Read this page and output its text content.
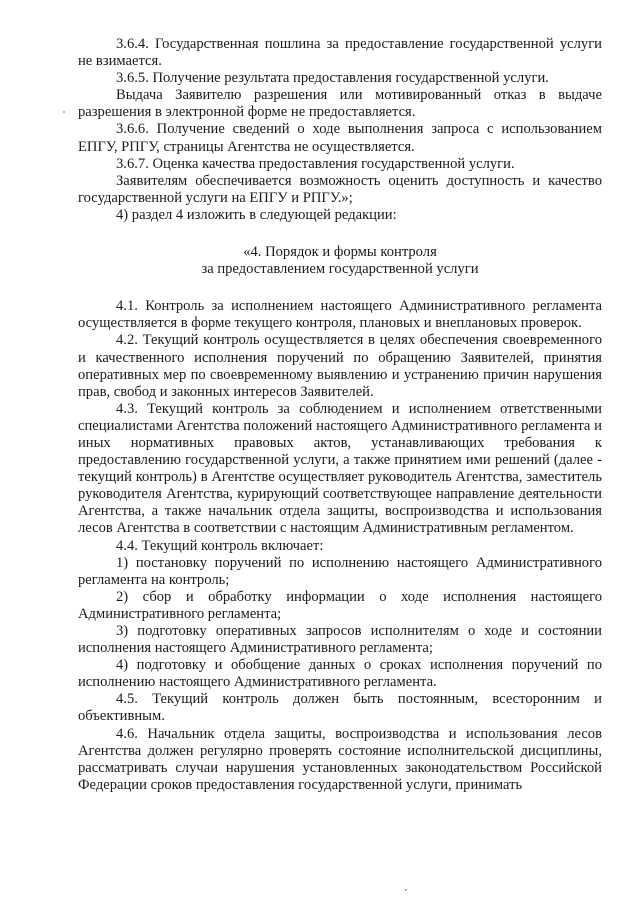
3.6.4. Государственная пошлина за предоставление государственной услуги не взимается.

3.6.5. Получение результата предоставления государственной услуги.

Выдача Заявителю разрешения или мотивированный отказ в выдаче разрешения в электронной форме не предоставляется.

3.6.6. Получение сведений о ходе выполнения запроса с использованием ЕПГУ, РПГУ, страницы Агентства не осуществляется.

3.6.7. Оценка качества предоставления государственной услуги.

Заявителям обеспечивается возможность оценить доступность и качество государственной услуги на ЕПГУ и РПГУ.»;

4) раздел 4 изложить в следующей редакции:

«4. Порядок и формы контроля

за предоставлением государственной услуги

4.1. Контроль за исполнением настоящего Административного регламента осуществляется в форме текущего контроля, плановых и внеплановых проверок.

4.2. Текущий контроль осуществляется в целях обеспечения своевременного и качественного исполнения поручений по обращению Заявителей, принятия оперативных мер по своевременному выявлению и устранению причин нарушения прав, свобод и законных интересов Заявителей.

4.3. Текущий контроль за соблюдением и исполнением ответственными специалистами Агентства положений настоящего Административного регламента и иных нормативных правовых актов, устанавливающих требования к предоставлению государственной услуги, а также принятием ими решений (далее - текущий контроль) в Агентстве осуществляет руководитель Агентства, заместитель руководителя Агентства, курирующий соответствующее направление деятельности Агентства, а также начальник отдела защиты, воспроизводства и использования лесов Агентства в соответствии с настоящим Административным регламентом.

4.4. Текущий контроль включает:

1) постановку поручений по исполнению настоящего Административного регламента на контроль;

2) сбор и обработку информации о ходе исполнения настоящего Административного регламента;

3) подготовку оперативных запросов исполнителям о ходе и состоянии исполнения настоящего Административного регламента;

4) подготовку и обобщение данных о сроках исполнения поручений по исполнению настоящего Административного регламента.

4.5. Текущий контроль должен быть постоянным, всесторонним и объективным.

4.6. Начальник отдела защиты, воспроизводства и использования лесов Агентства должен регулярно проверять состояние исполнительской дисциплины, рассматривать случаи нарушения установленных законодательством Российской Федерации сроков предоставления государственной услуги, принимать
